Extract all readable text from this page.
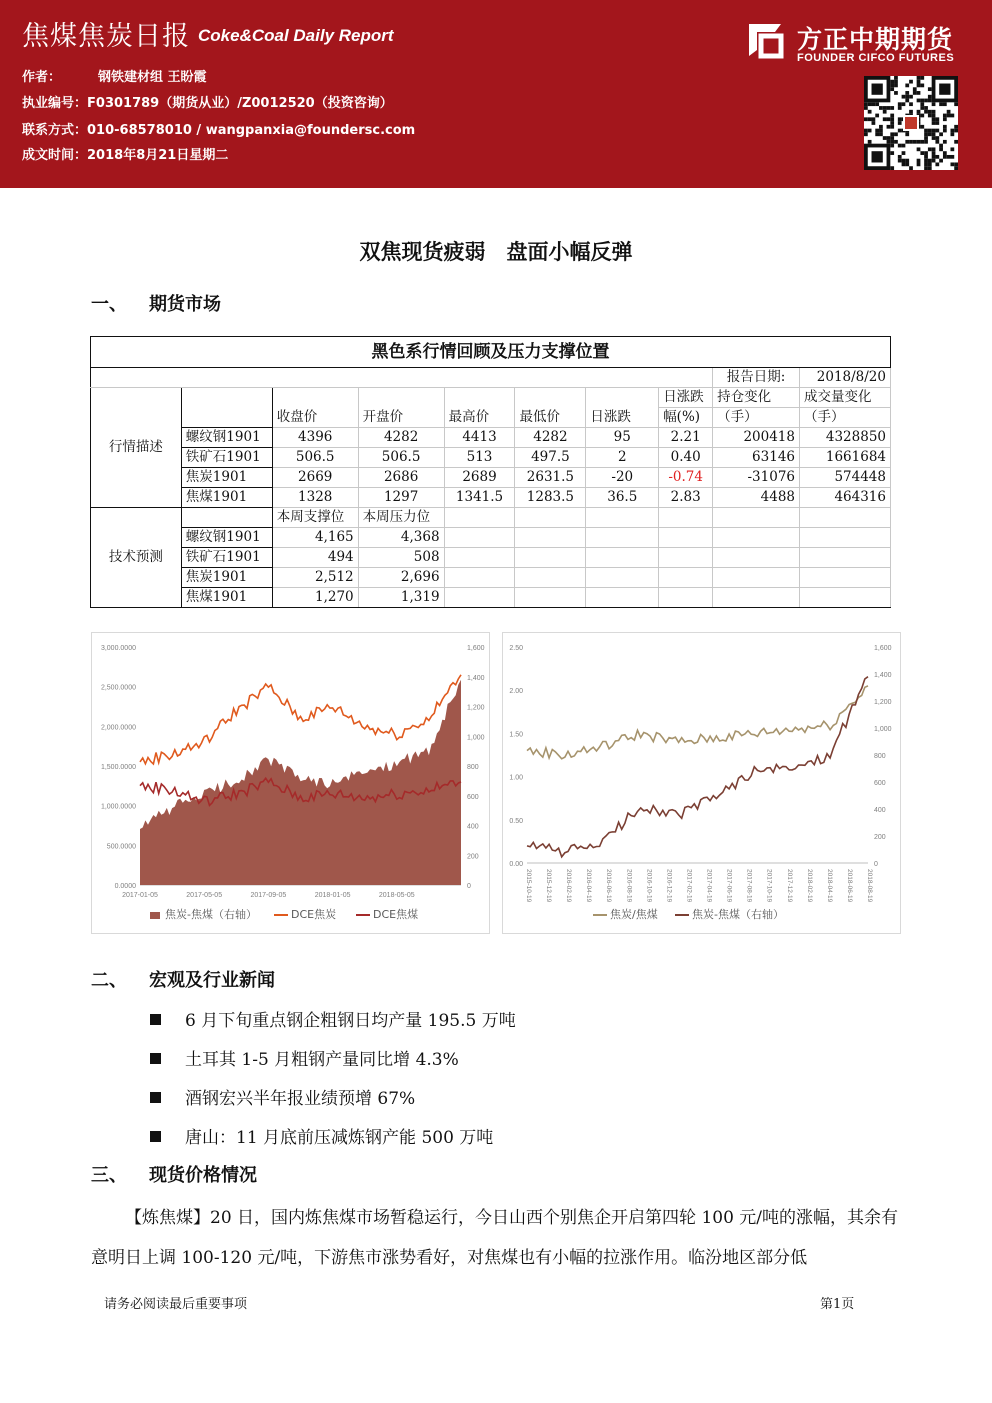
焦煤焦炭日报 Coke&Coal Daily Report
作者：	钢铁建材组 王盼霞
执业编号：F0301789（期货从业）/Z0012520（投资咨询）
联系方式：010-68578010 / wangpanxia@foundersc.com
成文时间：2018年8月21日星期二
方正中期期货
FOUNDER CIFCO FUTURES
双焦现货疲弱　盘面小幅反弹
一、 期货市场
黑色系行情回顾及压力支撑位置									
								报告日期:	2018/8/20
行情描述		收盘价	开盘价	最高价	最低价	日涨跌	日涨跌	持仓变化	成交量变化
							幅(%)	（手）	（手）
	螺纹钢1901	4396	4282	4413	4282	95	2.21	200418	4328850
	铁矿石1901	506.5	506.5	513	497.5	2	0.40	63146	1661684
	焦炭1901	2669	2686	2689	2631.5	-20	-0.74	-31076	574448
	焦煤1901	1328	1297	1341.5	1283.5	36.5	2.83	4488	464316
技术预测		本周支撑位	本周压力位						
	螺纹钢1901	4,165	4,368						
	铁矿石1901	494	508						
	焦炭1901	2,512	2,696						
	焦煤1901	1,270	1,319						
0.0000
500.0000
1,000.0000
1,500.0000
2,000.0000
2,500.0000
3,000.0000
0
200
400
600
800
1,000
1,200
1,400
1,600
2017-01-05	2017-05-05	2017-09-05	2018-01-05	2018-05-05
焦炭-焦煤（右轴）	DCE焦炭	DCE焦煤
0.00
0.50
1.00
1.50
2.00
2.50
0
200
400
600
800
1,000
1,200
1,400
1,600
2015-10-19 2015-12-19 2016-02-19 2016-04-19 2016-06-19 2016-08-19 2016-10-19 2016-12-19 2017-02-19 2017-04-19 2017-06-19 2017-08-19 2017-10-19 2017-12-19 2018-02-19 2018-04-19 2018-06-19 2018-08-19
焦炭/焦煤	焦炭-焦煤（右轴）
二、 宏观及行业新闻
6 月下旬重点钢企粗钢日均产量 195.5 万吨
土耳其 1-5 月粗钢产量同比增 4.3%
酒钢宏兴半年报业绩预增 67%
唐山：11 月底前压减炼钢产能 500 万吨
三、 现货价格情况
【炼焦煤】20 日，国内炼焦煤市场暂稳运行，今日山西个别焦企开启第四轮 100 元/吨的涨幅，其余有意明日上调 100-120 元/吨，下游焦市涨势看好，对焦煤也有小幅的拉涨作用。临汾地区部分低
请务必阅读最后重要事项	第1页
